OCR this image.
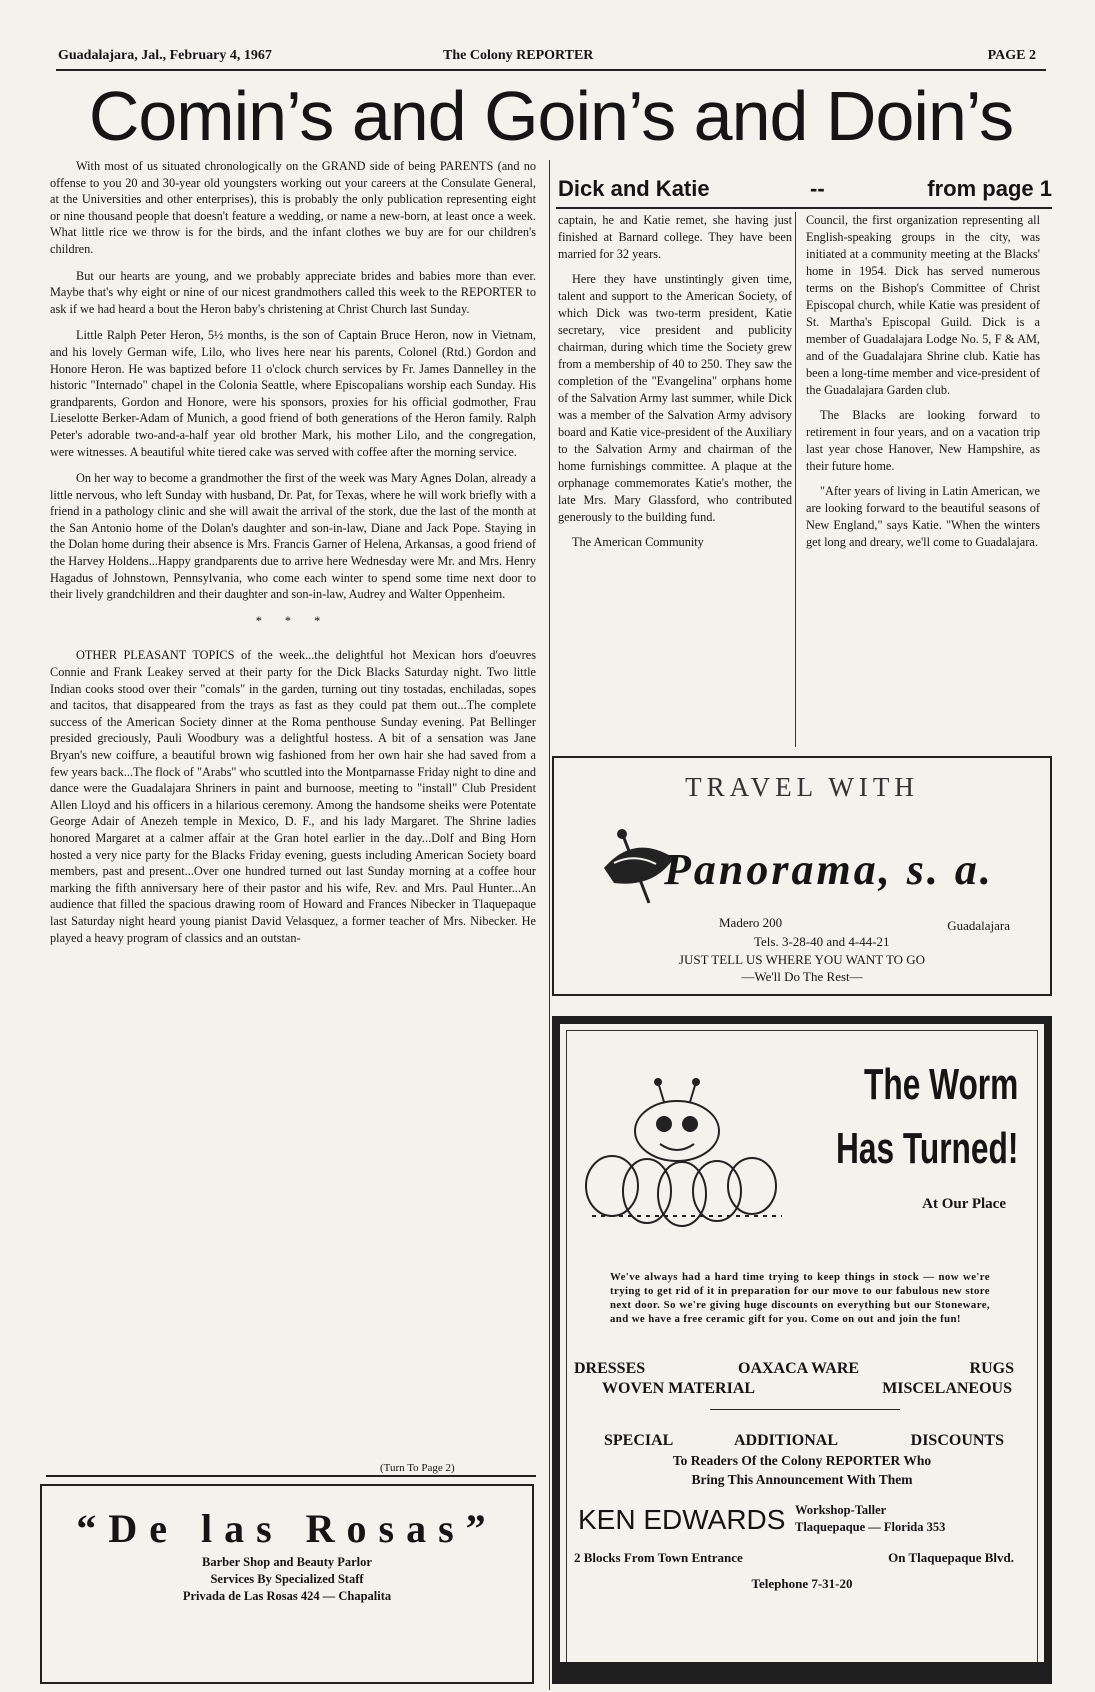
Guadalajara, Jal., February 4, 1967	The Colony REPORTER	PAGE 2
Comin’s and Goin’s and Doin’s

With most of us situated chronologically on the GRAND side of being PARENTS (and no offense to you 20 and 30-year old youngsters working out your careers at the Consulate General, at the Universities and other enterprises), this is probably the only publication representing eight or nine thousand people that doesn't feature a wedding, or name a new-born, at least once a week. What little rice we throw is for the birds, and the infant clothes we buy are for our children's children.

But our hearts are young, and we probably appreciate brides and babies more than ever. Maybe that's why eight or nine of our nicest grandmothers called this week to the REPORTER to ask if we had heard a bout the Heron baby's christening at Christ Church last Sunday.

Little Ralph Peter Heron, 5½ months, is the son of Captain Bruce Heron, now in Vietnam, and his lovely German wife, Lilo, who lives here near his parents, Colonel (Rtd.) Gordon and Honore Heron. He was baptized before 11 o'clock church services by Fr. James Dannelley in the historic "Internado" chapel in the Colonia Seattle, where Episcopalians worship each Sunday. His grandparents, Gordon and Honore, were his sponsors, proxies for his official godmother, Frau Lieselotte Berker-Adam of Munich, a good friend of both generations of the Heron family. Ralph Peter's adorable two-and-a-half year old brother Mark, his mother Lilo, and the congregation, were witnesses. A beautiful white tiered cake was served with coffee after the morning service.

On her way to become a grandmother the first of the week was Mary Agnes Dolan, already a little nervous, who left Sunday with husband, Dr. Pat, for Texas, where he will work briefly with a friend in a pathology clinic and she will await the arrival of the stork, due the last of the month at the San Antonio home of the Dolan's daughter and son-in-law, Diane and Jack Pope. Staying in the Dolan home during their absence is Mrs. Francis Garner of Helena, Arkansas, a good friend of the Harvey Holdens...Happy grandparents due to arrive here Wednesday were Mr. and Mrs. Henry Hagadus of Johnstown, Pennsylvania, who come each winter to spend some time next door to their lively grandchildren and their daughter and son-in-law, Audrey and Walter Oppenheim.

* * *

OTHER PLEASANT TOPICS of the week...the delightful hot Mexican hors d'oeuvres Connie and Frank Leakey served at their party for the Dick Blacks Saturday night. Two little Indian cooks stood over their "comals" in the garden, turning out tiny tostadas, enchiladas, sopes and tacitos, that disappeared from the trays as fast as they could pat them out...The complete success of the American Society dinner at the Roma penthouse Sunday evening. Pat Bellinger presided greciously, Pauli Woodbury was a delightful hostess. A bit of a sensation was Jane Bryan's new coiffure, a beautiful brown wig fashioned from her own hair she had saved from a few years back...The flock of "Arabs" who scuttled into the Montparnasse Friday night to dine and dance were the Guadalajara Shriners in paint and burnoose, meeting to "install" Club President Allen Lloyd and his officers in a hilarious ceremony. Among the handsome sheiks were Potentate George Adair of Anezeh temple in Mexico, D. F., and his lady Margaret. The Shrine ladies honored Margaret at a calmer affair at the Gran hotel earlier in the day...Dolf and Bing Horn hosted a very nice party for the Blacks Friday evening, guests including American Society board members, past and present...Over one hundred turned out last Sunday morning at a coffee hour marking the fifth anniversary here of their pastor and his wife, Rev. and Mrs. Paul Hunter...An audience that filled the spacious drawing room of Howard and Frances Nibecker in Tlaquepaque last Saturday night heard young pianist David Velasquez, a former teacher of Mrs. Nibecker. He played a heavy program of classics and an outstan-

(Turn To Page 2)
“De las Rosas”
Barber Shop and Beauty Parlor
Services By Specialized Staff
Privada de Las Rosas 424 — Chapalita
Dick and Katie	--	from page 1

captain, he and Katie remet, she having just finished at Barnard college. They have been married for 32 years.

Here they have unstintingly given time, talent and support to the American Society, of which Dick was two-term president, Katie secretary, vice president and publicity chairman, during which time the Society grew from a membership of 40 to 250. They saw the completion of the "Evangelina" orphans home of the Salvation Army last summer, while Dick was a member of the Salvation Army advisory board and Katie vice-president of the Auxiliary to the Salvation Army and chairman of the home furnishings committee. A plaque at the orphanage commemorates Katie's mother, the late Mrs. Mary Glassford, who contributed generously to the building fund.

The American Community

Council, the first organization representing all English-speaking groups in the city, was initiated at a community meeting at the Blacks' home in 1954. Dick has served numerous terms on the Bishop's Committee of Christ Episcopal church, while Katie was president of St. Martha's Episcopal Guild. Dick is a member of Guadalajara Lodge No. 5, F & AM, and of the Guadalajara Shrine club. Katie has been a long-time member and vice-president of the Guadalajara Garden club.

The Blacks are looking forward to retirement in four years, and on a vacation trip last year chose Hanover, New Hampshire, as their future home.

"After years of living in Latin American, we are looking forward to the beautiful seasons of New England," says Katie. "When the winters get long and dreary, we'll come to Guadalajara.

TRAVEL WITH
Panorama, s. a.
Madero 200	Guadalajara
Tels. 3-28-40 and 4-44-21
JUST TELL US WHERE YOU WANT TO GO
—We'll Do The Rest—
The Worm
Has Turned!
At Our Place
We've always had a hard time trying to keep things in stock — now we're trying to get rid of it in preparation for our move to our fabulous new store next door. So we're giving huge discounts on everything but our Stoneware, and we have a free ceramic gift for you. Come on out and join the fun!
DRESSES	OAXACA WARE	RUGS
WOVEN MATERIAL	MISCELANEOUS
SPECIAL	ADDITIONAL	DISCOUNTS
To Readers Of the Colony REPORTER Who
Bring This Announcement With Them
KEN EDWARDS Workshop-Taller
Tlaquepaque — Florida 353
2 Blocks From Town Entrance	On Tlaquepaque Blvd.
Telephone 7-31-20
